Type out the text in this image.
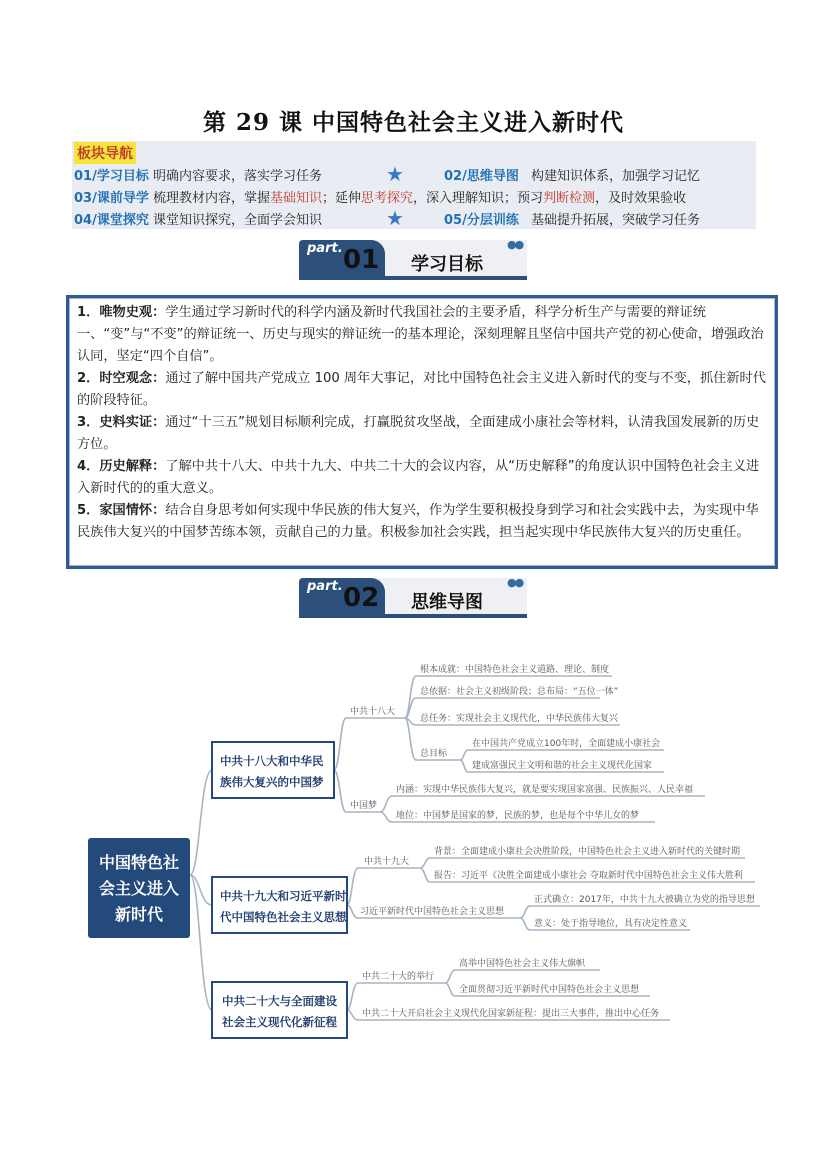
第 29 课 中国特色社会主义进入新时代
板块导航
01/学习目标 明确内容要求，落实学习任务	★	02/思维导图 构建知识体系，加强学习记忆
03/课前导学 梳理教材内容，掌握基础知识；延伸思考探究，深入理解知识；预习判断检测，及时效果验收
04/课堂探究 课堂知识探究，全面学会知识	★	05/分层训练 基础提升拓展，突破学习任务
part. 01 学习目标
●●
1．唯物史观：学生通过学习新时代的科学内涵及新时代我国社会的主要矛盾，科学分析生产与需要的辩证统一、“变”与“不变”的辩证统一、历史与现实的辩证统一的基本理论，深刻理解且坚信中国共产党的初心使命，增强政治认同，坚定“四个自信”。
2．时空观念：通过了解中国共产党成立 100 周年大事记，对比中国特色社会主义进入新时代的变与不变，抓住新时代的阶段特征。
3．史料实证：通过“十三五”规划目标顺利完成，打赢脱贫攻坚战，全面建成小康社会等材料，认清我国发展新的历史方位。
4．历史解释：了解中共十八大、中共十九大、中共二十大的会议内容，从“历史解释”的角度认识中国特色社会主义进入新时代的的重大意义。
5．家国情怀：结合自身思考如何实现中华民族的伟大复兴，作为学生要积极投身到学习和社会实践中去，为实现中华民族伟大复兴的中国梦苦练本领，贡献自己的力量。积极参加社会实践，担当起实现中华民族伟大复兴的历史重任。
part. 02 思维导图
●●
中国特色社
会主义进入
新时代
中共十八大和中华民
族伟大复兴的中国梦
中共十九大和习近平新时
代中国特色社会主义思想
中共二十大与全面建设
社会主义现代化新征程
中共十八大
根本成就：中国特色社会主义道路、理论、制度
总依据：社会主义初级阶段；总布局：“五位一体”
总任务：实现社会主义现代化，中华民族伟大复兴
总目标
在中国共产党成立100年时，全面建成小康社会
建成富强民主文明和谐的社会主义现代化国家
中国梦
内涵：实现中华民族伟大复兴，就是要实现国家富强、民族振兴、人民幸福
地位：中国梦是国家的梦，民族的梦，也是每个中华儿女的梦
中共十九大
背景：全面建成小康社会决胜阶段，中国特色社会主义进入新时代的关键时期
报告：习近平《决胜全面建成小康社会 夺取新时代中国特色社会主义伟大胜利
习近平新时代中国特色社会主义思想
正式确立：2017年，中共十九大被确立为党的指导思想
意义：处于指导地位，具有决定性意义
中共二十大的举行
高举中国特色社会主义伟大旗帜
全面贯彻习近平新时代中国特色社会主义思想
中共二十大开启社会主义现代化国家新征程：提出三大事件，推出中心任务
